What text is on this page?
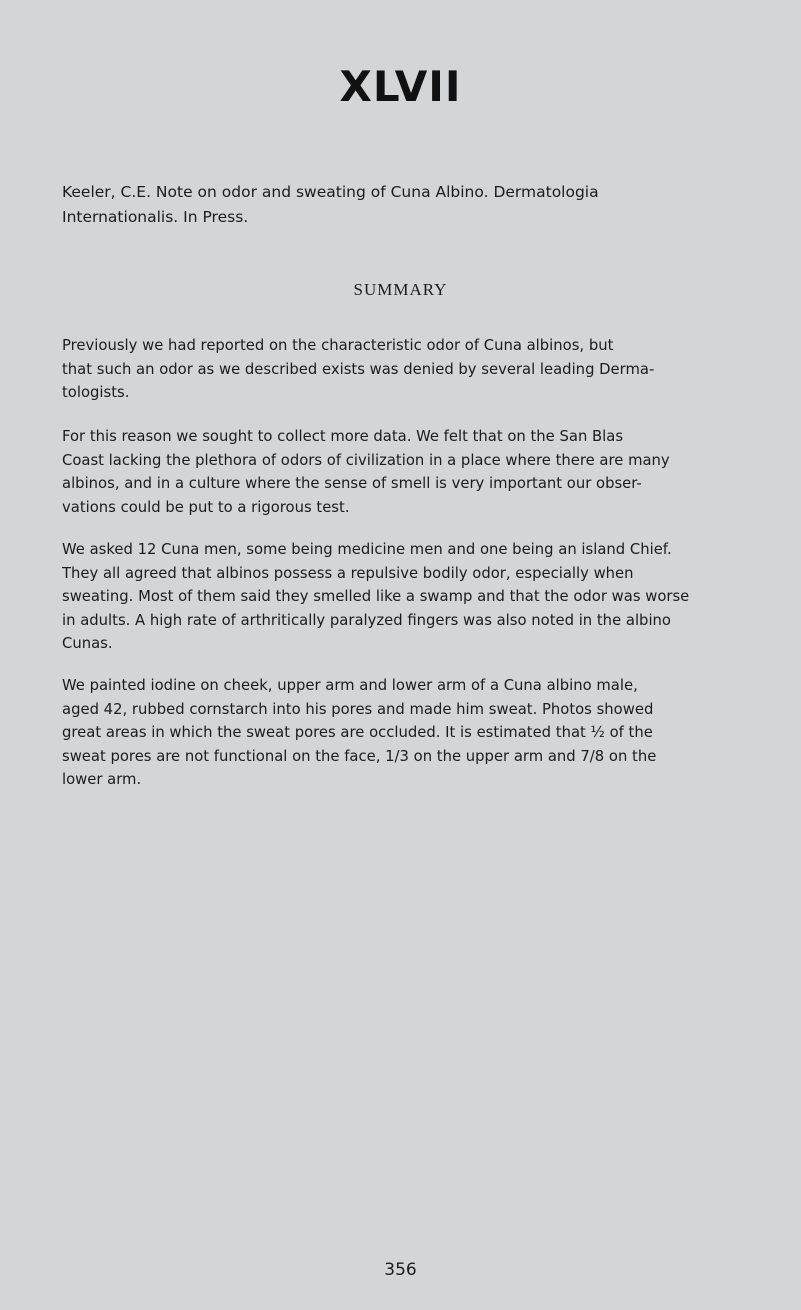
XLVII
Keeler, C.E. Note on odor and sweating of Cuna Albino. Dermatologia
Internationalis. In Press.
SUMMARY
Previously we had reported on the characteristic odor of Cuna albinos, but
that such an odor as we described exists was denied by several leading Derma-
tologists.
For this reason we sought to collect more data. We felt that on the San Blas
Coast lacking the plethora of odors of civilization in a place where there are many
albinos, and in a culture where the sense of smell is very important our obser-
vations could be put to a rigorous test.
We asked 12 Cuna men, some being medicine men and one being an island Chief.
They all agreed that albinos possess a repulsive bodily odor, especially when
sweating. Most of them said they smelled like a swamp and that the odor was worse
in adults. A high rate of arthritically paralyzed fingers was also noted in the albino
Cunas.
We painted iodine on cheek, upper arm and lower arm of a Cuna albino male,
aged 42, rubbed cornstarch into his pores and made him sweat. Photos showed
great areas in which the sweat pores are occluded. It is estimated that ½ of the
sweat pores are not functional on the face, 1/3 on the upper arm and 7/8 on the
lower arm.
356
